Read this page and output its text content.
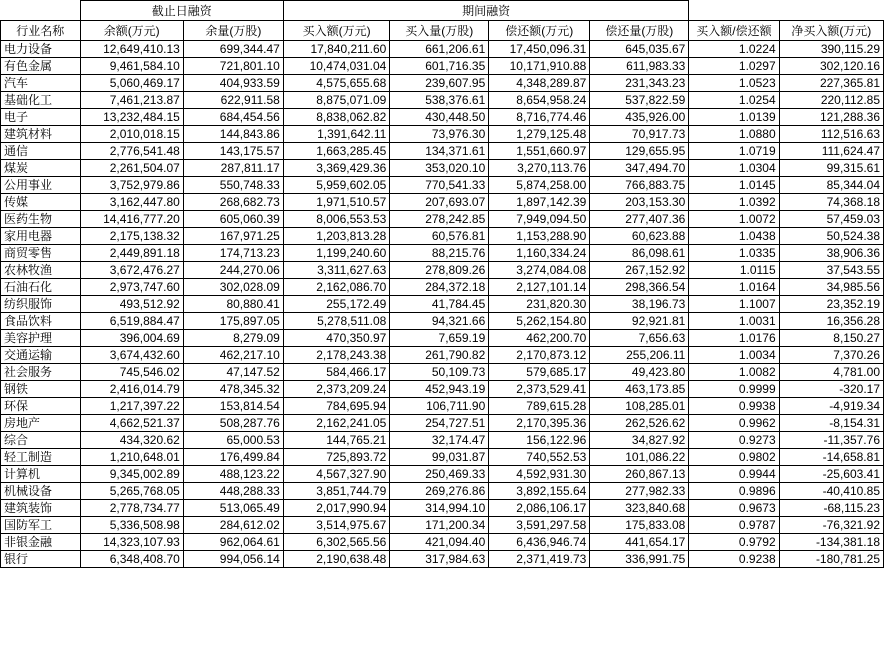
	截止日融资		期间融资					
行业名称	余额(万元)	余量(万股)	买入额(万元)	买入量(万股)	偿还额(万元)	偿还量(万股)	买入额/偿还额	净买入额(万元)
电力设备	12,649,410.13	699,344.47	17,840,211.60	661,206.61	17,450,096.31	645,035.67	1.0224	390,115.29
有色金属	9,461,584.10	721,801.10	10,474,031.04	601,716.35	10,171,910.88	611,983.33	1.0297	302,120.16
汽车	5,060,469.17	404,933.59	4,575,655.68	239,607.95	4,348,289.87	231,343.23	1.0523	227,365.81
基础化工	7,461,213.87	622,911.58	8,875,071.09	538,376.61	8,654,958.24	537,822.59	1.0254	220,112.85
电子	13,232,484.15	684,454.56	8,838,062.82	430,448.50	8,716,774.46	435,926.00	1.0139	121,288.36
建筑材料	2,010,018.15	144,843.86	1,391,642.11	73,976.30	1,279,125.48	70,917.73	1.0880	112,516.63
通信	2,776,541.48	143,175.57	1,663,285.45	134,371.61	1,551,660.97	129,655.95	1.0719	111,624.47
煤炭	2,261,504.07	287,811.17	3,369,429.36	353,020.10	3,270,113.76	347,494.70	1.0304	99,315.61
公用事业	3,752,979.86	550,748.33	5,959,602.05	770,541.33	5,874,258.00	766,883.75	1.0145	85,344.04
传媒	3,162,447.80	268,682.73	1,971,510.57	207,693.07	1,897,142.39	203,153.30	1.0392	74,368.18
医药生物	14,416,777.20	605,060.39	8,006,553.53	278,242.85	7,949,094.50	277,407.36	1.0072	57,459.03
家用电器	2,175,138.32	167,971.25	1,203,813.28	60,576.81	1,153,288.90	60,623.88	1.0438	50,524.38
商贸零售	2,449,891.18	174,713.23	1,199,240.60	88,215.76	1,160,334.24	86,098.61	1.0335	38,906.36
农林牧渔	3,672,476.27	244,270.06	3,311,627.63	278,809.26	3,274,084.08	267,152.92	1.0115	37,543.55
石油石化	2,973,747.60	302,028.09	2,162,086.70	284,372.18	2,127,101.14	298,366.54	1.0164	34,985.56
纺织服饰	493,512.92	80,880.41	255,172.49	41,784.45	231,820.30	38,196.73	1.1007	23,352.19
食品饮料	6,519,884.47	175,897.05	5,278,511.08	94,321.66	5,262,154.80	92,921.81	1.0031	16,356.28
美容护理	396,004.69	8,279.09	470,350.97	7,659.19	462,200.70	7,656.63	1.0176	8,150.27
交通运输	3,674,432.60	462,217.10	2,178,243.38	261,790.82	2,170,873.12	255,206.11	1.0034	7,370.26
社会服务	745,546.02	47,147.52	584,466.17	50,109.73	579,685.17	49,423.80	1.0082	4,781.00
钢铁	2,416,014.79	478,345.32	2,373,209.24	452,943.19	2,373,529.41	463,173.85	0.9999	-320.17
环保	1,217,397.22	153,814.54	784,695.94	106,711.90	789,615.28	108,285.01	0.9938	-4,919.34
房地产	4,662,521.37	508,287.76	2,162,241.05	254,727.51	2,170,395.36	262,526.62	0.9962	-8,154.31
综合	434,320.62	65,000.53	144,765.21	32,174.47	156,122.96	34,827.92	0.9273	-11,357.76
轻工制造	1,210,648.01	176,499.84	725,893.72	99,031.87	740,552.53	101,086.22	0.9802	-14,658.81
计算机	9,345,002.89	488,123.22	4,567,327.90	250,469.33	4,592,931.30	260,867.13	0.9944	-25,603.41
机械设备	5,265,768.05	448,288.33	3,851,744.79	269,276.86	3,892,155.64	277,982.33	0.9896	-40,410.85
建筑装饰	2,778,734.77	513,065.49	2,017,990.94	314,994.10	2,086,106.17	323,840.68	0.9673	-68,115.23
国防军工	5,336,508.98	284,612.02	3,514,975.67	171,200.34	3,591,297.58	175,833.08	0.9787	-76,321.92
非银金融	14,323,107.93	962,064.61	6,302,565.56	421,094.40	6,436,946.74	441,654.17	0.9792	-134,381.18
银行	6,348,408.70	994,056.14	2,190,638.48	317,984.63	2,371,419.73	336,991.75	0.9238	-180,781.25
